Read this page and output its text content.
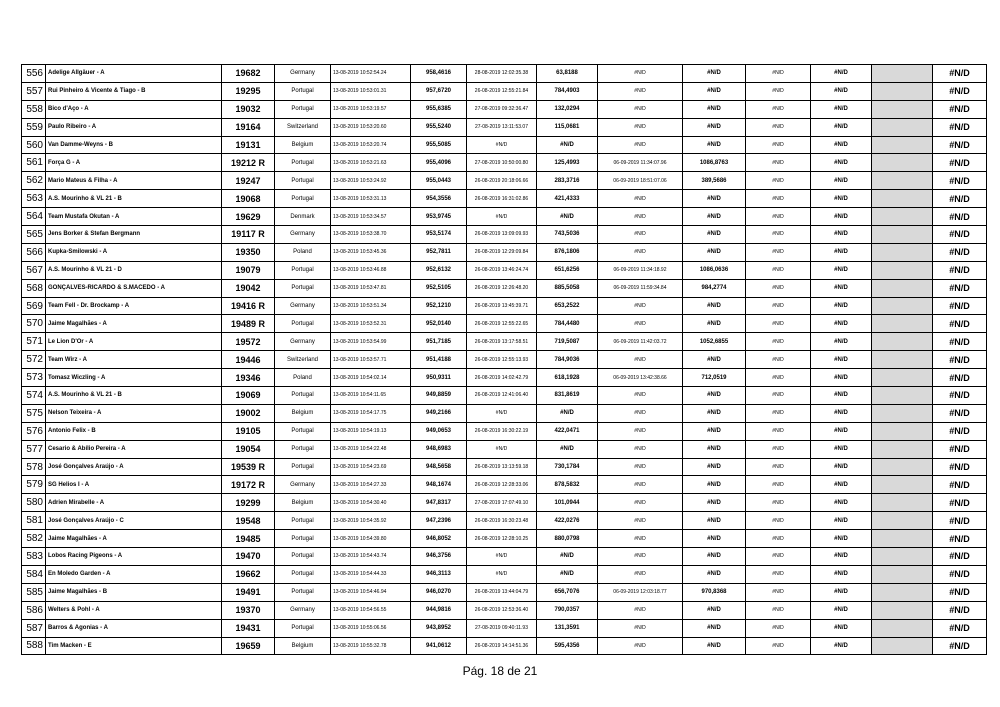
556	Adelige Allgäuer - A	19682	Germany	13-08-2019 10:52:54.24	958,4616	28-08-2019 12:02:35.38	63,8188	#N/D	#N/D	#N/D	#N/D		#N/D
557	Rui Pinheiro & Vicente & Tiago - B	19295	Portugal	13-08-2019 10:53:01.31	957,6720	26-08-2019 12:55:21.84	784,4903	#N/D	#N/D	#N/D	#N/D		#N/D
558	Bico d'Aço - A	19032	Portugal	13-08-2019 10:53:19.57	955,6385	27-08-2019 09:32:36.47	132,0294	#N/D	#N/D	#N/D	#N/D		#N/D
559	Paulo Ribeiro - A	19164	Switzerland	13-08-2019 10:53:20.60	955,5240	27-08-2019 13:11:53.07	115,0681	#N/D	#N/D	#N/D	#N/D		#N/D
560	Van Damme-Weyns - B	19131	Belgium	13-08-2019 10:53:20.74	955,5085	#N/D	#N/D	#N/D	#N/D	#N/D	#N/D		#N/D
561	Força G - A	19212 R	Portugal	13-08-2019 10:53:21.63	955,4096	27-08-2019 10:50:00.80	125,4993	06-09-2019 11:34:07.96	1086,8763	#N/D	#N/D		#N/D
562	Mario Mateus & Filha - A	19247	Portugal	13-08-2019 10:53:24.92	955,0443	26-08-2019 20:18:06.66	283,3716	06-09-2019 18:51:07.06	389,5686	#N/D	#N/D		#N/D
563	A.S. Mourinho & VL 21 - B	19068	Portugal	13-08-2019 10:53:31.13	954,3556	26-08-2019 16:31:02.86	421,4333	#N/D	#N/D	#N/D	#N/D		#N/D
564	Team Mustafa Okutan - A	19629	Denmark	13-08-2019 10:53:34.57	953,9745	#N/D	#N/D	#N/D	#N/D	#N/D	#N/D		#N/D
565	Jens Borker & Stefan Bergmann	19117 R	Germany	13-08-2019 10:53:38.70	953,5174	26-08-2019 13:09:09.93	743,5036	#N/D	#N/D	#N/D	#N/D		#N/D
566	Kupka-Smilowski - A	19350	Poland	13-08-2019 10:53:45.36	952,7811	26-08-2019 12:29:09.84	876,1806	#N/D	#N/D	#N/D	#N/D		#N/D
567	A.S. Mourinho & VL 21 - D	19079	Portugal	13-08-2019 10:53:46.88	952,6132	26-08-2019 13:46:24.74	651,6256	06-09-2019 11:34:18.92	1086,0636	#N/D	#N/D		#N/D
568	GONÇALVES-RICARDO & S.MACEDO - A	19042	Portugal	13-08-2019 10:53:47.81	952,5105	26-08-2019 12:26:48.20	885,5058	06-09-2019 11:59:34.84	984,2774	#N/D	#N/D		#N/D
569	Team Fell - Dr. Brockamp - A	19416 R	Germany	13-08-2019 10:53:51.34	952,1210	26-08-2019 13:45:39.71	653,2522	#N/D	#N/D	#N/D	#N/D		#N/D
570	Jaime Magalhães - A	19489 R	Portugal	13-08-2019 10:53:52.31	952,0140	26-08-2019 12:55:22.65	784,4480	#N/D	#N/D	#N/D	#N/D		#N/D
571	Le Lion D'Or - A	19572	Germany	13-08-2019 10:53:54.99	951,7185	26-08-2019 13:17:58.51	719,5087	06-09-2019 11:42:03.72	1052,6855	#N/D	#N/D		#N/D
572	Team Wirz - A	19446	Switzerland	13-08-2019 10:53:57.71	951,4188	26-08-2019 12:55:13.93	784,9036	#N/D	#N/D	#N/D	#N/D		#N/D
573	Tomasz Wiczling - A	19346	Poland	13-08-2019 10:54:02.14	950,9311	26-08-2019 14:02:42.79	618,1928	06-09-2019 13:42:38.66	712,0519	#N/D	#N/D		#N/D
574	A.S. Mourinho & VL 21 - B	19069	Portugal	13-08-2019 10:54:11.65	949,8859	26-08-2019 12:41:06.40	831,8619	#N/D	#N/D	#N/D	#N/D		#N/D
575	Nelson Teixeira - A	19002	Belgium	13-08-2019 10:54:17.75	949,2166	#N/D	#N/D	#N/D	#N/D	#N/D	#N/D		#N/D
576	Antonio Felix - B	19105	Portugal	13-08-2019 10:54:19.13	949,0653	26-08-2019 16:30:22.19	422,0471	#N/D	#N/D	#N/D	#N/D		#N/D
577	Cesario & Abílio Pereira - A	19054	Portugal	13-08-2019 10:54:22.48	948,6983	#N/D	#N/D	#N/D	#N/D	#N/D	#N/D		#N/D
578	José Gonçalves Araújo - A	19539 R	Portugal	13-08-2019 10:54:23.69	948,5658	26-08-2019 13:13:59.18	730,1784	#N/D	#N/D	#N/D	#N/D		#N/D
579	SG Helios I - A	19172 R	Germany	13-08-2019 10:54:27.33	948,1674	26-08-2019 12:28:33.06	878,5832	#N/D	#N/D	#N/D	#N/D		#N/D
580	Adrien Mirabelle - A	19299	Belgium	13-08-2019 10:54:30.40	947,8317	27-08-2019 17:07:49.10	101,0944	#N/D	#N/D	#N/D	#N/D		#N/D
581	José Gonçalves Araújo - C	19548	Portugal	13-08-2019 10:54:35.92	947,2396	26-08-2019 16:30:23.48	422,0276	#N/D	#N/D	#N/D	#N/D		#N/D
582	Jaime Magalhães - A	19485	Portugal	13-08-2019 10:54:39.80	946,8052	26-08-2019 12:28:10.25	880,0798	#N/D	#N/D	#N/D	#N/D		#N/D
583	Lobos Racing Pigeons - A	19470	Portugal	13-08-2019 10:54:43.74	946,3756	#N/D	#N/D	#N/D	#N/D	#N/D	#N/D		#N/D
584	En Moledo Garden - A	19662	Portugal	13-08-2019 10:54:44.33	946,3113	#N/D	#N/D	#N/D	#N/D	#N/D	#N/D		#N/D
585	Jaime Magalhães - B	19491	Portugal	13-08-2019 10:54:46.94	946,0270	26-08-2019 13:44:04.79	656,7076	06-09-2019 12:03:18.77	970,8368	#N/D	#N/D		#N/D
586	Welters & Pohl - A	19370	Germany	13-08-2019 10:54:56.55	944,9816	26-08-2019 12:53:36.40	790,0357	#N/D	#N/D	#N/D	#N/D		#N/D
587	Barros & Agonias - A	19431	Portugal	13-08-2019 10:55:06.56	943,8952	27-08-2019 09:40:11.93	131,3591	#N/D	#N/D	#N/D	#N/D		#N/D
588	Tim Macken - E	19659	Belgium	13-08-2019 10:55:32.78	941,0612	26-08-2019 14:14:51.36	595,4356	#N/D	#N/D	#N/D	#N/D		#N/D
Pág. 18 de 21
